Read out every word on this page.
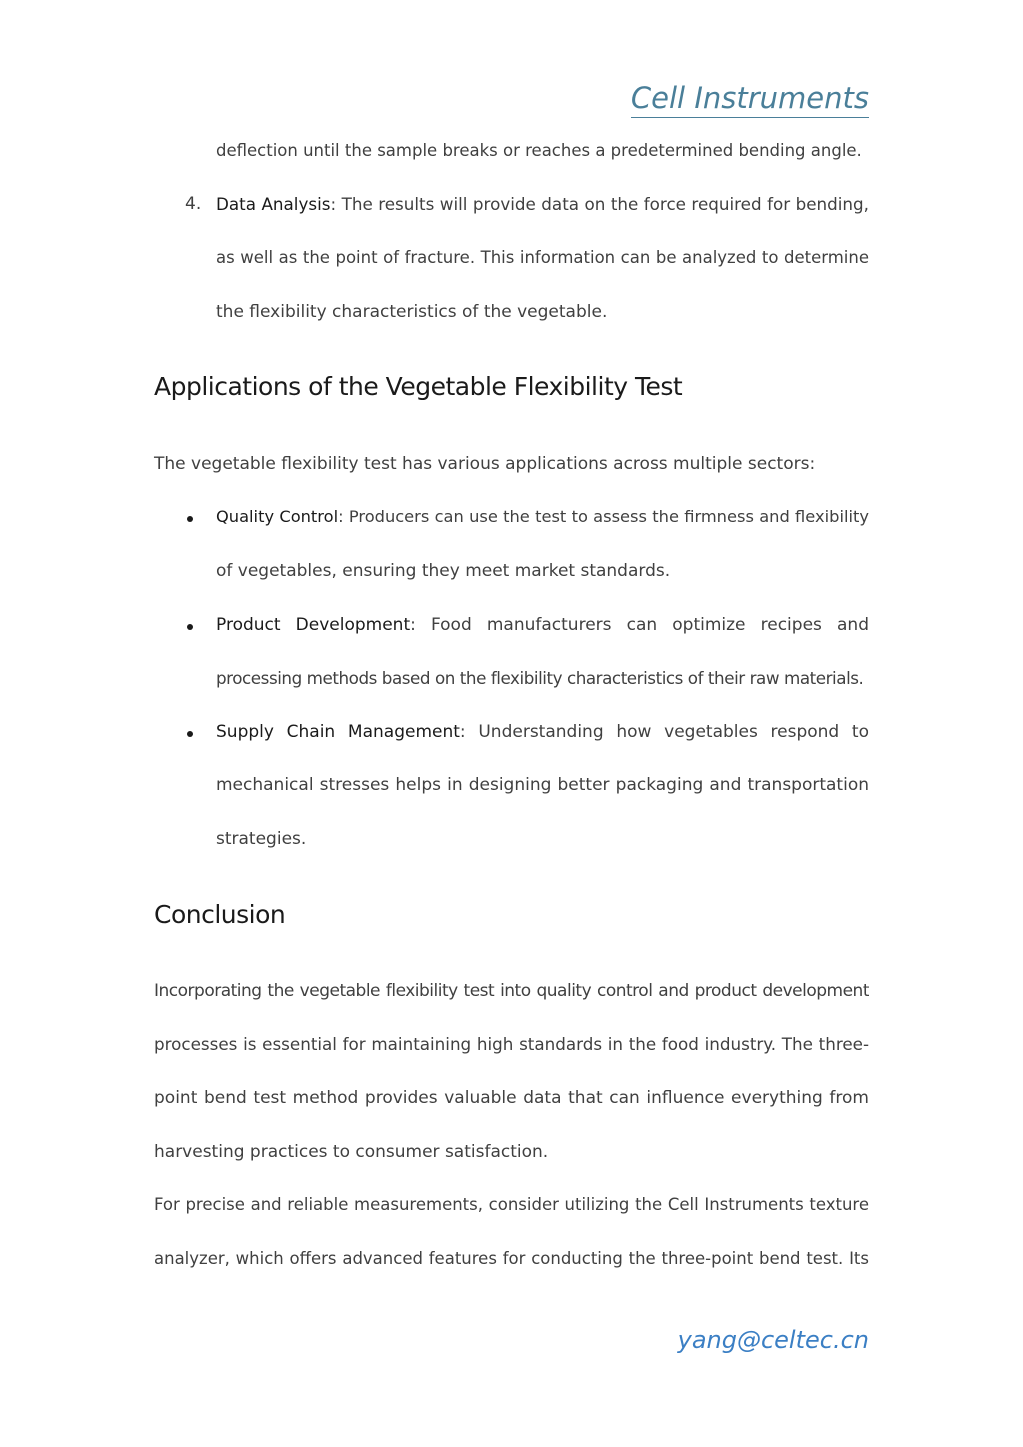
Cell Instruments
deflection until the sample breaks or reaches a predetermined bending angle.
4. Data Analysis: The results will provide data on the force required for bending,
as well as the point of fracture. This information can be analyzed to determine
the flexibility characteristics of the vegetable.
Applications of the Vegetable Flexibility Test
The vegetable flexibility test has various applications across multiple sectors:
Quality Control: Producers can use the test to assess the firmness and flexibility
of vegetables, ensuring they meet market standards.
Product Development: Food manufacturers can optimize recipes and
processing methods based on the flexibility characteristics of their raw materials.
Supply Chain Management: Understanding how vegetables respond to
mechanical stresses helps in designing better packaging and transportation
strategies.
Conclusion
Incorporating the vegetable flexibility test into quality control and product development
processes is essential for maintaining high standards in the food industry. The three-
point bend test method provides valuable data that can influence everything from
harvesting practices to consumer satisfaction.
For precise and reliable measurements, consider utilizing the Cell Instruments texture
analyzer, which offers advanced features for conducting the three-point bend test. Its
yang@celtec.cn
